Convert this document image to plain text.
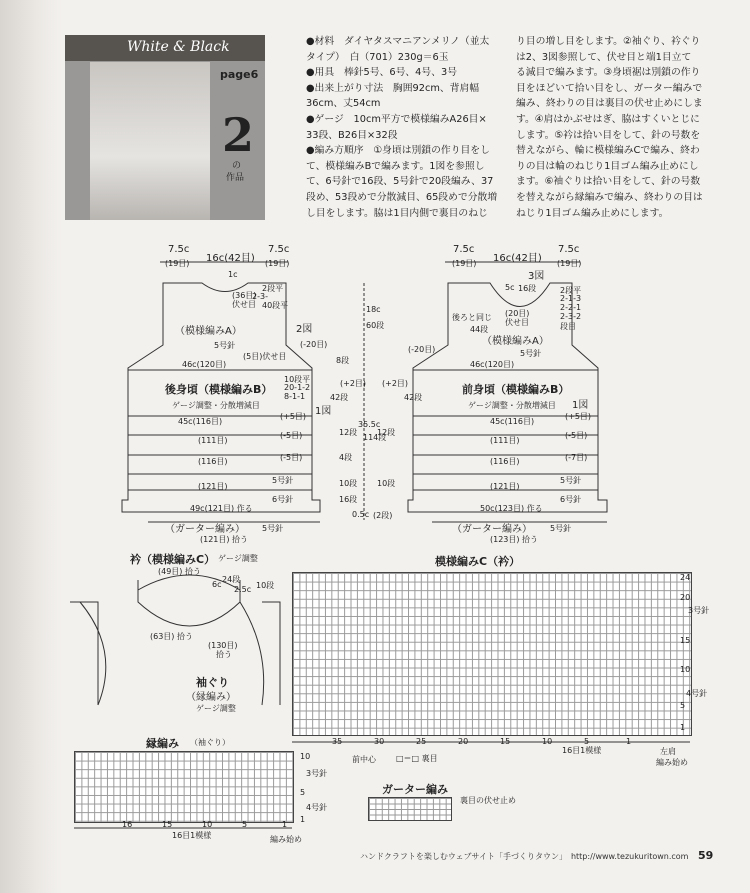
White & Black
page6
2
の
作品
●材料　ダイヤタスマニアンメリノ（並太
タイプ）　白（701）230g＝6玉
●用具　棒針5号、6号、4号、3号
●出来上がり寸法　胸囲92cm、背肩幅
36cm、丈54cm
●ゲージ　10cm平方で模様編みA26目×
33段、B26目×32段
●編み方順序　①身頃は別鎖の作り目をし
て、模様編みBで編みます。1図を参照し
て、6号針で16段、5号針で20段編み、37
段め、53段めで分散減目、65段めで分散増
し目をします。脇は1目内側で裏目のねじ
り目の増し目をします。②袖ぐり、衿ぐり
は2、3図参照して、伏せ目と端1目立て
る減目で編みます。③身頃裾は別鎖の作り
目をほどいて拾い目をし、ガーター編みで
編み、終わりの目は裏目の伏せ止めにしま
す。④肩はかぶせはぎ、脇はすくいとじに
します。⑤衿は拾い目をして、針の号数を
替えながら、輪に模様編みCで編み、終わ
りの目は輪のねじり1目ゴム編み止めにし
ます。⑥袖ぐりは拾い目をして、針の号数
を替えながら縁編みで編み、終わりの目は
ねじり1目ゴム編み止めにします。
7.5c
16c(42目)
7.5c
(19目)	(19目)
1c
(36目)
伏せ目
2段平
2-3-
40段平
2図
（模様編みA）
5号針	(-20目)
(5目)伏せ目
46c(120目)	8段
後身頃（模様編みB）
ゲージ調整・分散増減目
10段平
20-1-2
8-1-1
(+2目)
42段
1図
45c(116目)
(+5目)
(111目)
(-5目)
(116目)	(-5目)
(121目)
5号針
6号針
49c(121目) 作る
（ガーター編み） 5号針
(121目) 拾う
18c
60段
35.5c
114段
4段
12段
10段
16段
0.5c (2段)
12段
10段
7.5c
16c(42目)
7.5c
(19目)	(19目)
3図
5c 16段
(20目)
伏せ目
2段平
2-1-3
2-2-1
2-3-2
段目
後ろと同じ
44段
（模様編みA）
5号針
(-20目)
46c(120目)
(+2目)
42段
前身頃（模様編みB）
ゲージ調整・分散増減目 1図
45c(116目)
(+5目)
(111目)
(-5目)
(116目)	(-7目)
(121目)
5号針
6号針
50c(123目) 作る
（ガーター編み） 5号針
(123目) 拾う
衿（模様編みC） ゲージ調整
(49目) 拾う
6c
24段
2.5c 10段
(63目) 拾う
(130目)
拾う
袖ぐり
（縁編み）
ゲージ調整
模様編みC（衿）
24
20
3号針
15
10
4号針
5
1
35	30	25	20	15	10	5	1
前中心	□＝□ 裏目
16目1模様	左肩
編み始め
縁編み （袖ぐり）
10
3号針
5
4号針
1
16	15	10	5	1
16目1模様	編み始め
ガーター編み
裏目の伏せ止め
ハンドクラフトを楽しむウェブサイト「手づくりタウン」　http://www.tezukuritown.com 59
